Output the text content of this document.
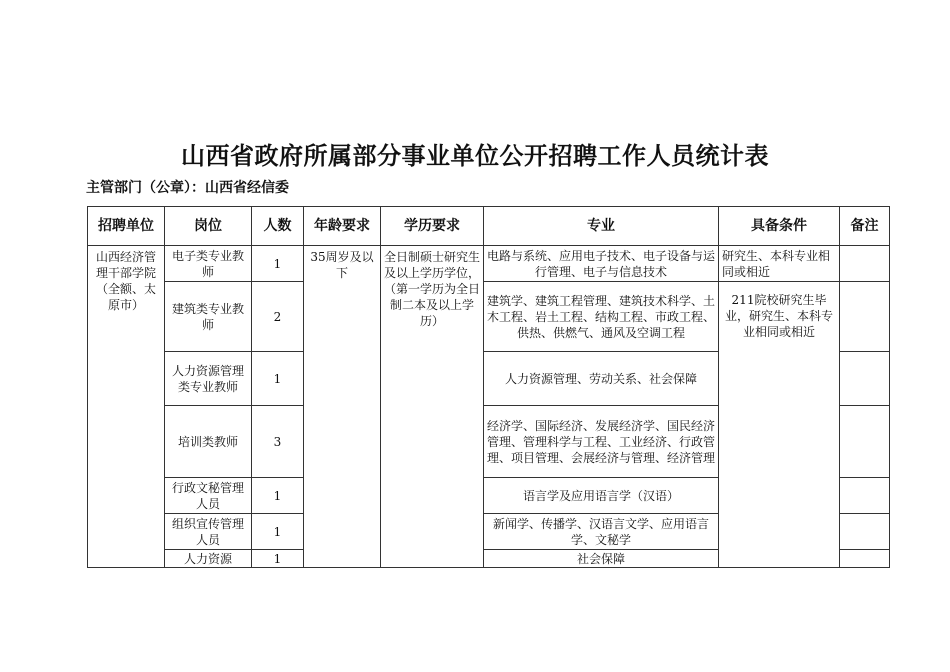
山西省政府所属部分事业单位公开招聘工作人员统计表
主管部门（公章）：山西省经信委
招聘单位	岗位	人数	年龄要求	学历要求	专业	具备条件	备注
山西经济管理干部学院（全额、太原市）	电子类专业教师	1	35周岁及以下	全日制硕士研究生及以上学历学位，（第一学历为全日制二本及以上学历）	电路与系统、应用电子技术、电子设备与运行管理、电子与信息技术	研究生、本科专业相同或相近	
	建筑类专业教师	2			建筑学、建筑工程管理、建筑技术科学、土木工程、岩土工程、结构工程、市政工程、供热、供燃气、通风及空调工程	211院校研究生毕业，研究生、本科专业相同或相近	
	人力资源管理类专业教师	1			人力资源管理、劳动关系、社会保障		
	培训类教师	3			经济学、国际经济、发展经济学、国民经济管理、管理科学与工程、工业经济、行政管理、项目管理、会展经济与管理、经济管理		
	行政文秘管理人员	1			语言学及应用语言学（汉语）		
	组织宣传管理人员	1			新闻学、传播学、汉语言文学、应用语言学、文秘学		
	人力资源	1			社会保障		
